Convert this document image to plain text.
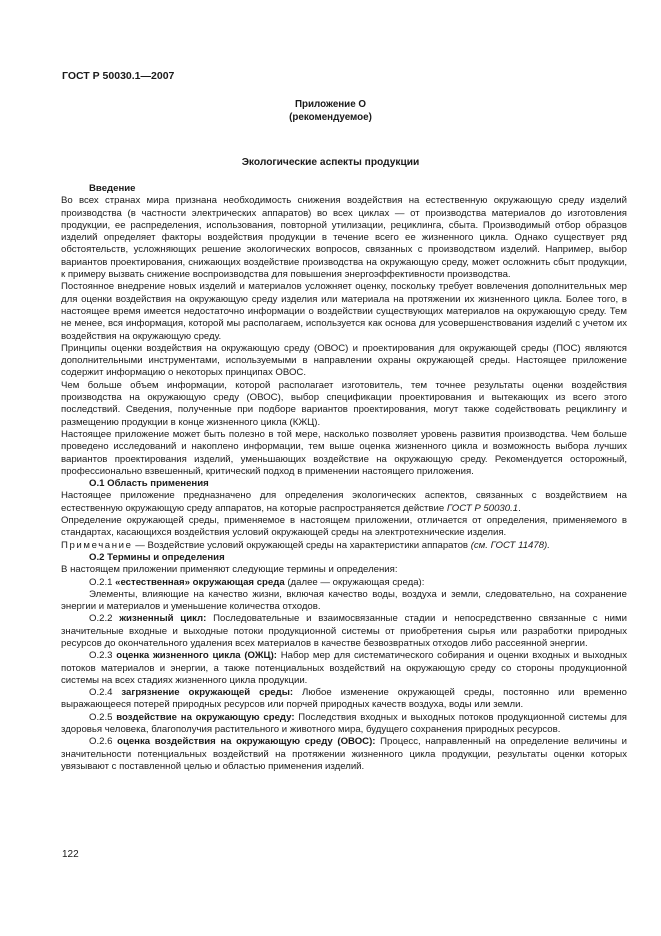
ГОСТ Р 50030.1—2007
Приложение О
(рекомендуемое)
Экологические аспекты продукции

Введение

Во всех странах мира признана необходимость снижения воздействия на естественную окружающую среду изделий производства (в частности электрических аппаратов) во всех циклах — от производства материалов до изготовления продукции, ее распределения, использования, повторной утилизации, рециклинга, сбыта. Производимый отбор образцов изделий определяет факторы воздействия продукции в течение всего ее жизненного цикла. Однако существует ряд обстоятельств, усложняющих решение экологических вопросов, связанных с производством изделий. Например, выбор вариантов проектирования, снижающих воздействие производства на окружающую среду, может осложнить сбыт продукции, к примеру вызвать снижение воспроизводства для повышения энергоэффективности производства.

Постоянное внедрение новых изделий и материалов усложняет оценку, поскольку требует вовлечения дополнительных мер для оценки воздействия на окружающую среду изделия или материала на протяжении их жизненного цикла. Более того, в настоящее время имеется недостаточно информации о воздействии существующих материалов на окружающую среду. Тем не менее, вся информация, которой мы располагаем, используется как основа для усовершенствования изделий с учетом их воздействия на окружающую среду.

Принципы оценки воздействия на окружающую среду (ОВОС) и проектирования для окружающей среды (ПОС) являются дополнительными инструментами, используемыми в направлении охраны окружающей среды. Настоящее приложение содержит информацию о некоторых принципах ОВОС.

Чем больше объем информации, которой располагает изготовитель, тем точнее результаты оценки воздействия производства на окружающую среду (ОВОС), выбор спецификации проектирования и вытекающих из всего этого последствий. Сведения, полученные при подборе вариантов проектирования, могут также содействовать рециклингу и размещению продукции в конце жизненного цикла (КЖЦ).

Настоящее приложение может быть полезно в той мере, насколько позволяет уровень развития производства. Чем больше проведено исследований и накоплено информации, тем выше оценка жизненного цикла и возможность выбора лучших вариантов проектирования изделий, уменьшающих воздействие на окружающую среду. Рекомендуется осторожный, профессионально взвешенный, критический подход в применении настоящего приложения.

О.1 Область применения

Настоящее приложение предназначено для определения экологических аспектов, связанных с воздействием на естественную окружающую среду аппаратов, на которые распространяется действие ГОСТ Р 50030.1.

Определение окружающей среды, применяемое в настоящем приложении, отличается от определения, применяемого в стандартах, касающихся воздействия условий окружающей среды на электротехнические изделия.

Примечание — Воздействие условий окружающей среды на характеристики аппаратов (см. ГОСТ 11478).

О.2 Термины и определения

В настоящем приложении применяют следующие термины и определения:

О.2.1 «естественная» окружающая среда (далее — окружающая среда):

Элементы, влияющие на качество жизни, включая качество воды, воздуха и земли, следовательно, на сохранение энергии и материалов и уменьшение количества отходов.

О.2.2 жизненный цикл: Последовательные и взаимосвязанные стадии и непосредственно связанные с ними значительные входные и выходные потоки продукционной системы от приобретения сырья или разработки природных ресурсов до окончательного удаления всех материалов в качестве безвозвратных отходов либо рассеянной энергии.

О.2.3 оценка жизненного цикла (ОЖЦ): Набор мер для систематического собирания и оценки входных и выходных потоков материалов и энергии, а также потенциальных воздействий на окружающую среду со стороны продукционной системы на всех стадиях жизненного цикла продукции.

О.2.4 загрязнение окружающей среды: Любое изменение окружающей среды, постоянно или временно выражающееся потерей природных ресурсов или порчей природных качеств воздуха, воды или земли.

О.2.5 воздействие на окружающую среду: Последствия входных и выходных потоков продукционной системы для здоровья человека, благополучия растительного и животного мира, будущего сохранения природных ресурсов.

О.2.6 оценка воздействия на окружающую среду (ОВОС): Процесс, направленный на определение величины и значительности потенциальных воздействий на протяжении жизненного цикла продукции, результаты оценки которых увязывают с поставленной целью и областью применения изделий.

122
